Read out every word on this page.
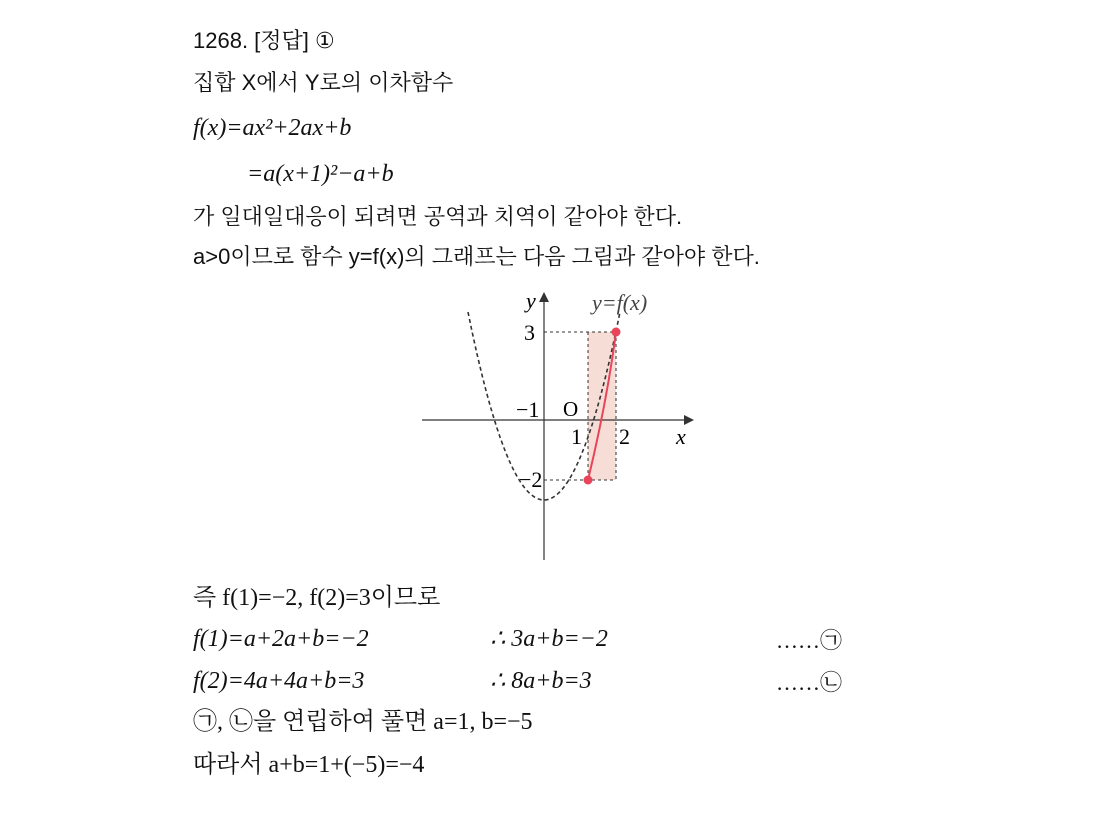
1268. [정답] ①
집합 X에서 Y로의 이차함수
f(x)=ax²+2ax+b
=a(x+1)²−a+b
가 일대일대응이 되려면 공역과 치역이 같아야 한다.
a>0이므로 함수 y=f(x)의 그래프는 다음 그림과 같아야 한다.
y	y=f(x)
3
−1 O
1 2 x
−2
즉 f(1)=−2, f(2)=3이므로
f(1)=a+2a+b=−2	∴ 3a+b=−2	……㉠
f(2)=4a+4a+b=3	∴ 8a+b=3	……㉡
㉠, ㉡을 연립하여 풀면 a=1, b=−5
따라서 a+b=1+(−5)=−4
